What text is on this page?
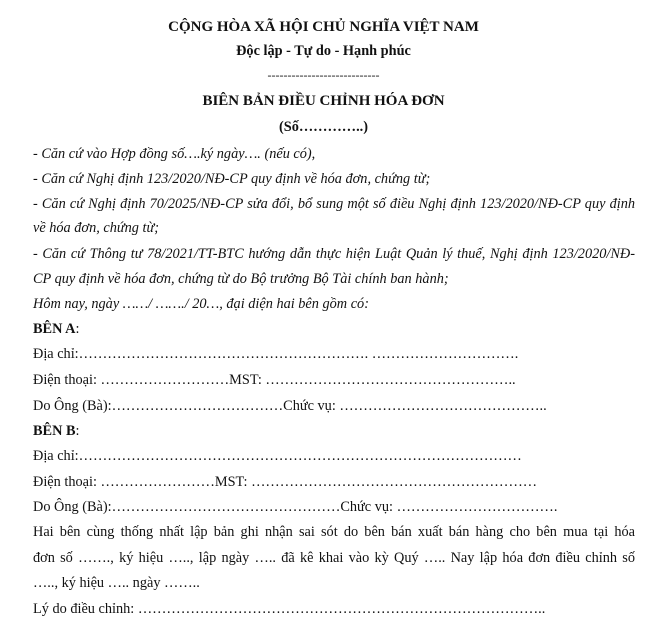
CỘNG HÒA XÃ HỘI CHỦ NGHĨA VIỆT NAM
Độc lập - Tự do - Hạnh phúc
----------------------------
BIÊN BẢN ĐIỀU CHỈNH HÓA ĐƠN
(Số…………..)
- Căn cứ vào Hợp đồng số….ký ngày…. (nếu có),
- Căn cứ Nghị định 123/2020/NĐ-CP quy định về hóa đơn, chứng từ;
- Căn cứ Nghị định 70/2025/NĐ-CP sửa đổi, bổ sung một số điều Nghị định 123/2020/NĐ-CP quy định
về hóa đơn, chứng từ;
- Căn cứ Thông tư 78/2021/TT-BTC hướng dẫn thực hiện Luật Quản lý thuế, Nghị định 123/2020/NĐ-
CP quy định về hóa đơn, chứng từ do Bộ trưởng Bộ Tài chính ban hành;
Hôm nay, ngày ……/ ……./ 20…, đại diện hai bên gồm có:
BÊN A:
Địa chỉ:……………………………………………………. ………………………….
Điện thoại: ………………………MST: ……………………………………………..
Do Ông (Bà):………………………………Chức vụ: ……………………………………..
BÊN B:
Địa chỉ:…………………………………………………………………………………
Điện thoại: ……………………MST: ……………………………………………………
Do Ông (Bà):…………………………………………Chức vụ: …………………………….
Hai bên cùng thống nhất lập bản ghi nhận sai sót do bên bán xuất bán hàng cho bên mua tại hóa
đơn số ……., ký hiệu ….., lập ngày ….. đã kê khai vào kỳ Quý ….. Nay lập hóa đơn điều chỉnh số
….., ký hiệu ….. ngày ……..
Lý do điều chỉnh: …………………………………………………………………………..
